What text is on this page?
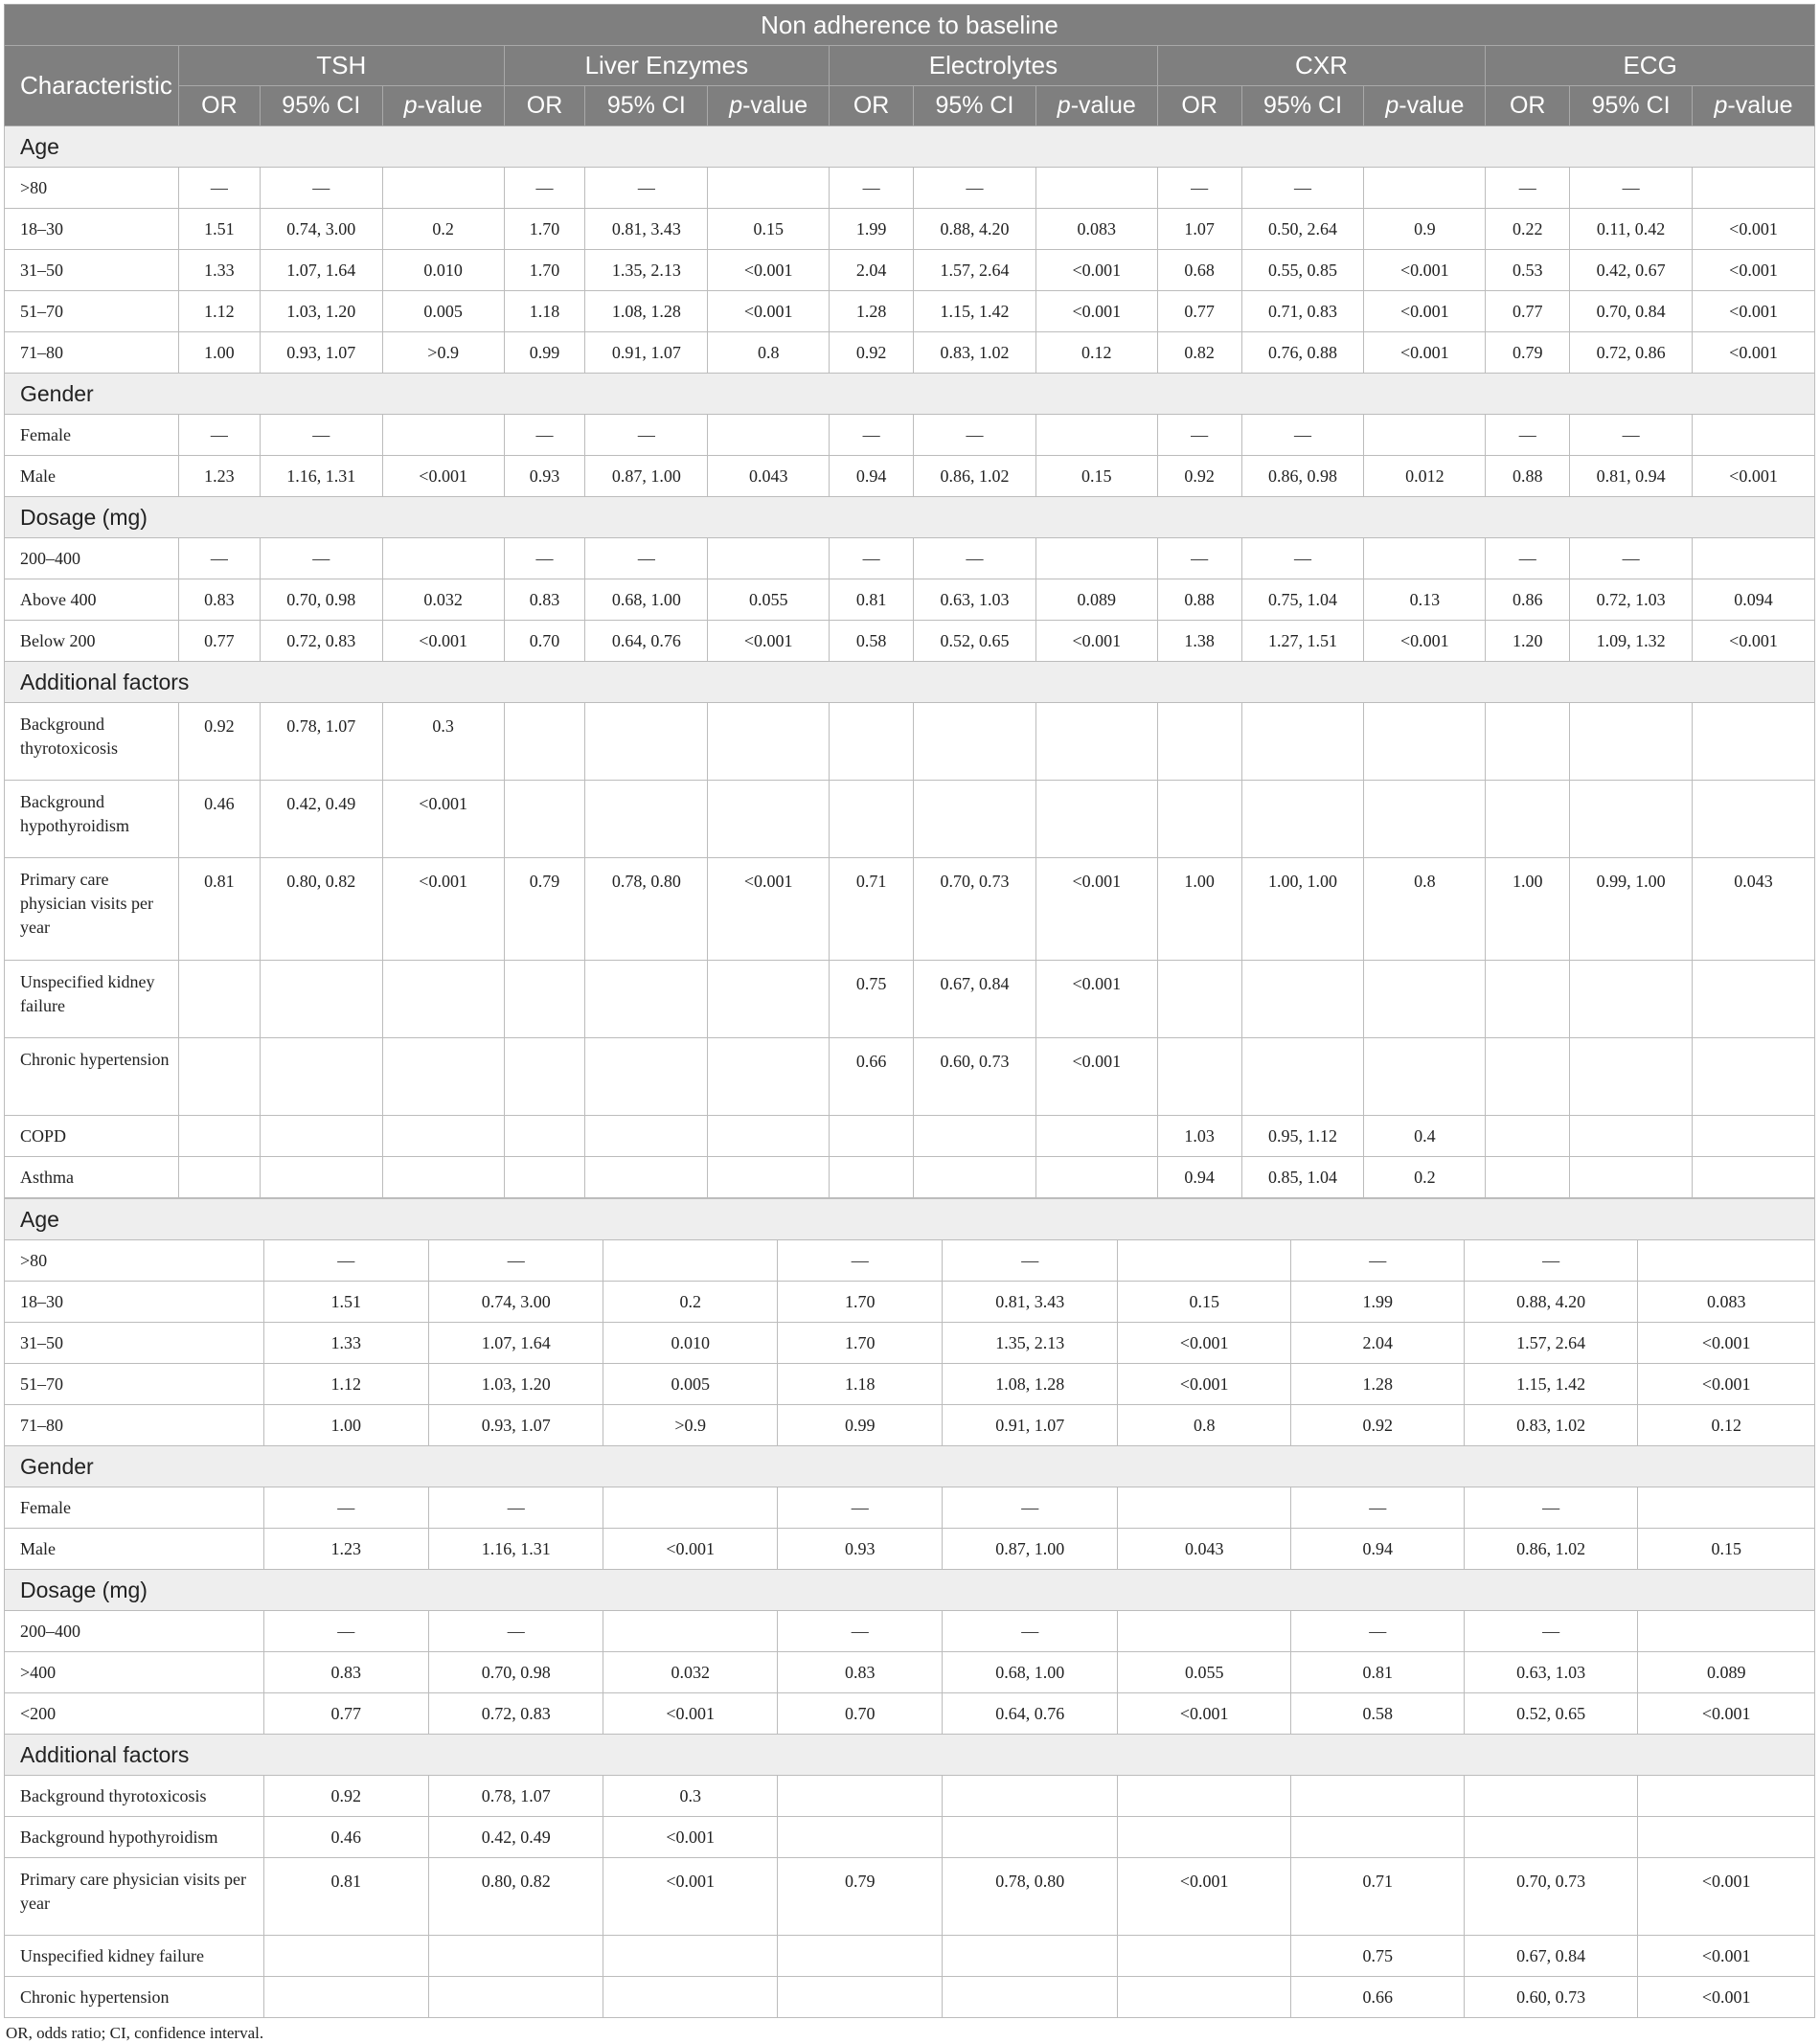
Non adherence to baseline															
Characteristic	TSH			Liver Enzymes			Electrolytes			CXR			ECG		
	OR	95% CI	p-value	OR	95% CI	p-value	OR	95% CI	p-value	OR	95% CI	p-value	OR	95% CI	p-value
Age															
>80	—	—		—	—		—	—		—	—		—	—	
18–30	1.51	0.74, 3.00	0.2	1.70	0.81, 3.43	0.15	1.99	0.88, 4.20	0.083	1.07	0.50, 2.64	0.9	0.22	0.11, 0.42	<0.001
31–50	1.33	1.07, 1.64	0.010	1.70	1.35, 2.13	<0.001	2.04	1.57, 2.64	<0.001	0.68	0.55, 0.85	<0.001	0.53	0.42, 0.67	<0.001
51–70	1.12	1.03, 1.20	0.005	1.18	1.08, 1.28	<0.001	1.28	1.15, 1.42	<0.001	0.77	0.71, 0.83	<0.001	0.77	0.70, 0.84	<0.001
71–80	1.00	0.93, 1.07	>0.9	0.99	0.91, 1.07	0.8	0.92	0.83, 1.02	0.12	0.82	0.76, 0.88	<0.001	0.79	0.72, 0.86	<0.001
Gender															
Female	—	—		—	—		—	—		—	—		—	—	
Male	1.23	1.16, 1.31	<0.001	0.93	0.87, 1.00	0.043	0.94	0.86, 1.02	0.15	0.92	0.86, 0.98	0.012	0.88	0.81, 0.94	<0.001
Dosage (mg)															
200–400	—	—		—	—		—	—		—	—		—	—	
Above 400	0.83	0.70, 0.98	0.032	0.83	0.68, 1.00	0.055	0.81	0.63, 1.03	0.089	0.88	0.75, 1.04	0.13	0.86	0.72, 1.03	0.094
Below 200	0.77	0.72, 0.83	<0.001	0.70	0.64, 0.76	<0.001	0.58	0.52, 0.65	<0.001	1.38	1.27, 1.51	<0.001	1.20	1.09, 1.32	<0.001
Additional factors															
Background thyrotoxicosis	0.92	0.78, 1.07	0.3												
Background hypothyroidism	0.46	0.42, 0.49	<0.001												
Primary care physician visits per year	0.81	0.80, 0.82	<0.001	0.79	0.78, 0.80	<0.001	0.71	0.70, 0.73	<0.001	1.00	1.00, 1.00	0.8	1.00	0.99, 1.00	0.043
Unspecified kidney failure							0.75	0.67, 0.84	<0.001						
Chronic hypertension							0.66	0.60, 0.73	<0.001						
COPD										1.03	0.95, 1.12	0.4			
Asthma										0.94	0.85, 1.04	0.2			
Age									
>80	—	—		—	—		—	—	
18–30	1.51	0.74, 3.00	0.2	1.70	0.81, 3.43	0.15	1.99	0.88, 4.20	0.083
31–50	1.33	1.07, 1.64	0.010	1.70	1.35, 2.13	<0.001	2.04	1.57, 2.64	<0.001
51–70	1.12	1.03, 1.20	0.005	1.18	1.08, 1.28	<0.001	1.28	1.15, 1.42	<0.001
71–80	1.00	0.93, 1.07	>0.9	0.99	0.91, 1.07	0.8	0.92	0.83, 1.02	0.12
Gender									
Female	—	—		—	—		—	—	
Male	1.23	1.16, 1.31	<0.001	0.93	0.87, 1.00	0.043	0.94	0.86, 1.02	0.15
Dosage (mg)									
200–400	—	—		—	—		—	—	
>400	0.83	0.70, 0.98	0.032	0.83	0.68, 1.00	0.055	0.81	0.63, 1.03	0.089
<200	0.77	0.72, 0.83	<0.001	0.70	0.64, 0.76	<0.001	0.58	0.52, 0.65	<0.001
Additional factors									
Background thyrotoxicosis	0.92	0.78, 1.07	0.3						
Background hypothyroidism	0.46	0.42, 0.49	<0.001						
Primary care physician visits per year	0.81	0.80, 0.82	<0.001	0.79	0.78, 0.80	<0.001	0.71	0.70, 0.73	<0.001
Unspecified kidney failure							0.75	0.67, 0.84	<0.001
Chronic hypertension							0.66	0.60, 0.73	<0.001
OR, odds ratio; CI, confidence interval.
